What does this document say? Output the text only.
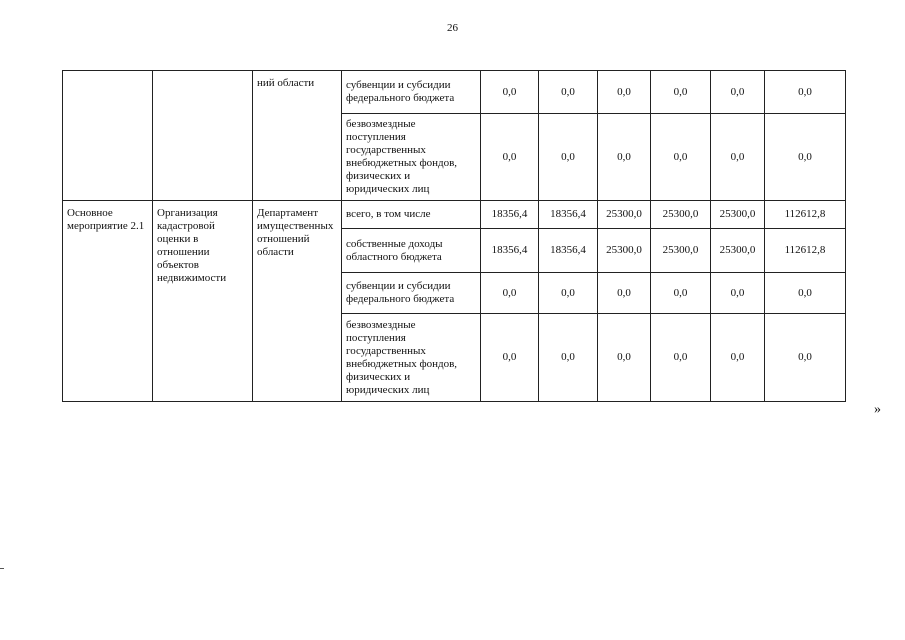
26
		ний области	субвенции и субсидии федерального бюджета	0,0	0,0	0,0	0,0	0,0	0,0
			безвозмездные поступления государственных внебюджетных фондов, физических и юридических лиц	0,0	0,0	0,0	0,0	0,0	0,0
Основное мероприятие 2.1	Организация кадастровой оценки в отношении объектов недвижимости	Департамент имущественных отношений области	всего, в том числе	18356,4	18356,4	25300,0	25300,0	25300,0	112612,8
			собственные доходы областного бюджета	18356,4	18356,4	25300,0	25300,0	25300,0	112612,8
			субвенции и субсидии федерального бюджета	0,0	0,0	0,0	0,0	0,0	0,0
			безвозмездные поступления государственных внебюджетных фондов, физических и юридических лиц	0,0	0,0	0,0	0,0	0,0	0,0
»
